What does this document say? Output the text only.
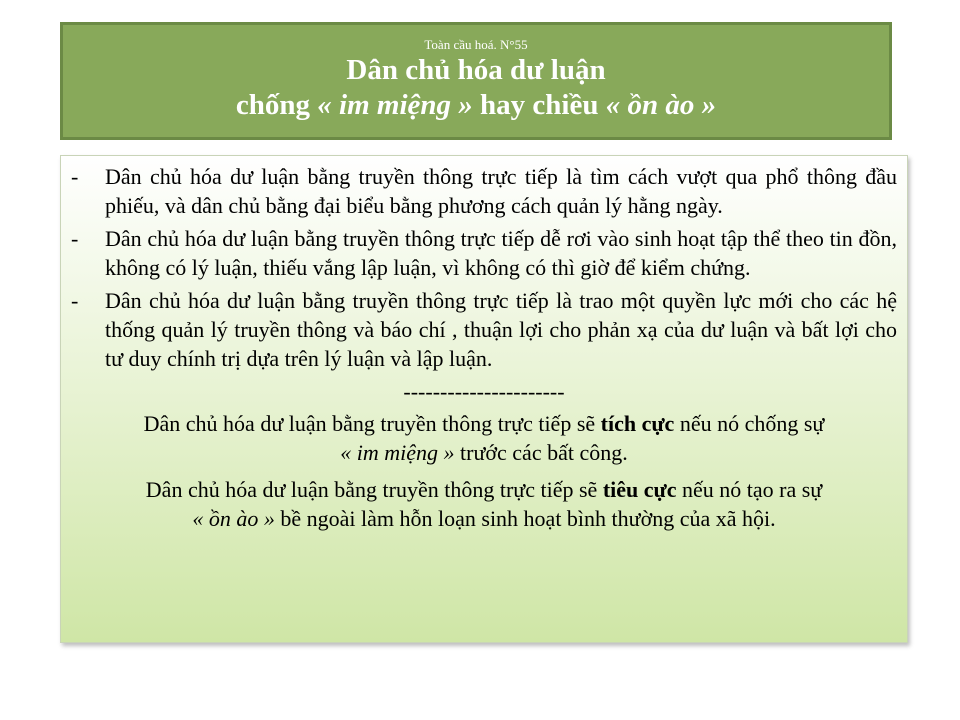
Toàn cầu hoá. N°55
Dân chủ hóa dư luận
chống « im miệng » hay chiều « ồn ào »
-	Dân chủ hóa dư luận bằng truyền thông trực tiếp là tìm cách vượt qua phổ thông đầu phiếu, và dân chủ bằng đại biểu bằng phương cách quản lý hằng ngày.
-	Dân chủ hóa dư luận bằng truyền thông trực tiếp dễ rơi vào sinh hoạt tập thể theo tin đồn, không có lý luận, thiếu vắng lập luận, vì không có thì giờ để kiểm chứng.
-	Dân chủ hóa dư luận bằng truyền thông trực tiếp là trao một quyền lực mới cho các hệ thống quản lý truyền thông và báo chí , thuận lợi cho phản xạ của dư luận và bất lợi cho tư duy chính trị dựa trên lý luận và lập luận.
----------------------
Dân chủ hóa dư luận bằng truyền thông trực tiếp sẽ tích cực nếu nó chống sự
« im miệng » trước các bất công.
Dân chủ hóa dư luận bằng truyền thông trực tiếp sẽ tiêu cực nếu nó tạo ra sự
« ồn ào » bề ngoài làm hỗn loạn sinh hoạt bình thường của xã hội.
